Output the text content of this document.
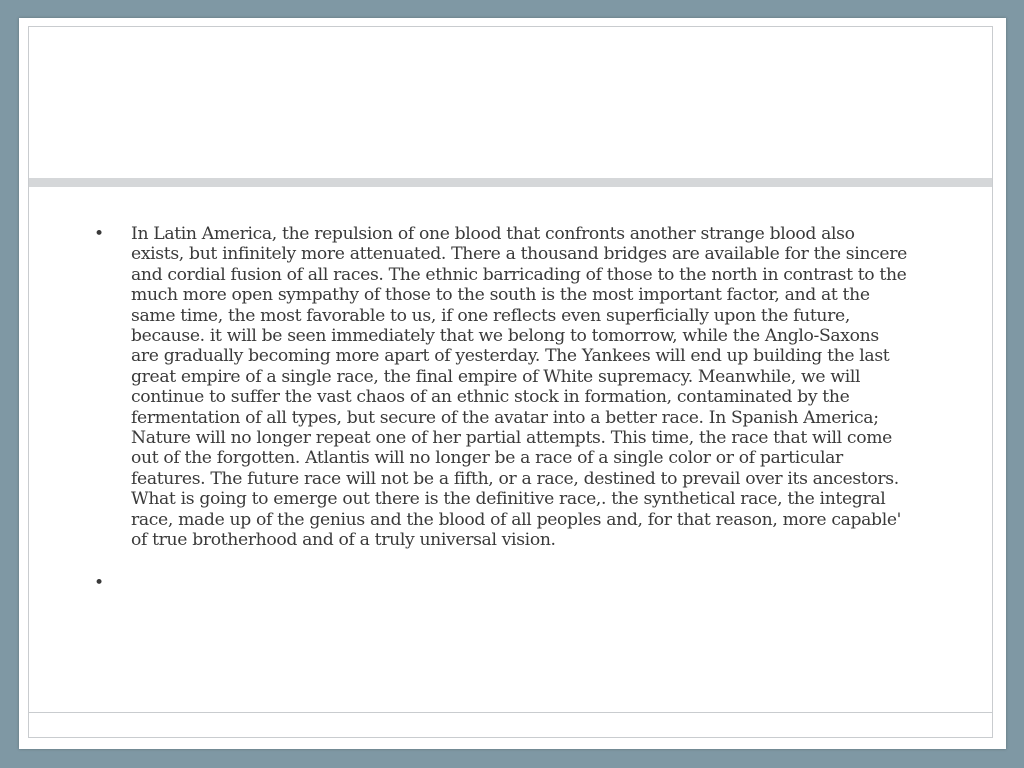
• In Latin America, the repulsion of one blood that confronts another strange blood also exists, but infinitely more attenuated. There a thousand bridges are available for the sincere and cordial fusion of all races. The ethnic barricading of those to the north in contrast to the much more open sympathy of those to the south is the most important factor, and at the same time, the most favorable to us, if one reflects even superficially upon the future, because. it will be seen immediately that we belong to tomorrow, while the Anglo-Saxons are gradually becoming more apart of yesterday. The Yankees will end up building the last great empire of a single race, the final empire of White supremacy. Meanwhile, we will continue to suffer the vast chaos of an ethnic stock in formation, contaminated by the fermentation of all types, but secure of the avatar into a better race. In Spanish America; Nature will no longer repeat one of her partial attempts. This time, the race that will come out of the forgotten. Atlantis will no longer be a race of a single color or of particular features. The future race will not be a fifth, or a race, destined to prevail over its ancestors. What is going to emerge out there is the definitive race,. the synthetical race, the integral race, made up of the genius and the blood of all peoples and, for that reason, more capable' of true brotherhood and of a truly universal vision.
•
